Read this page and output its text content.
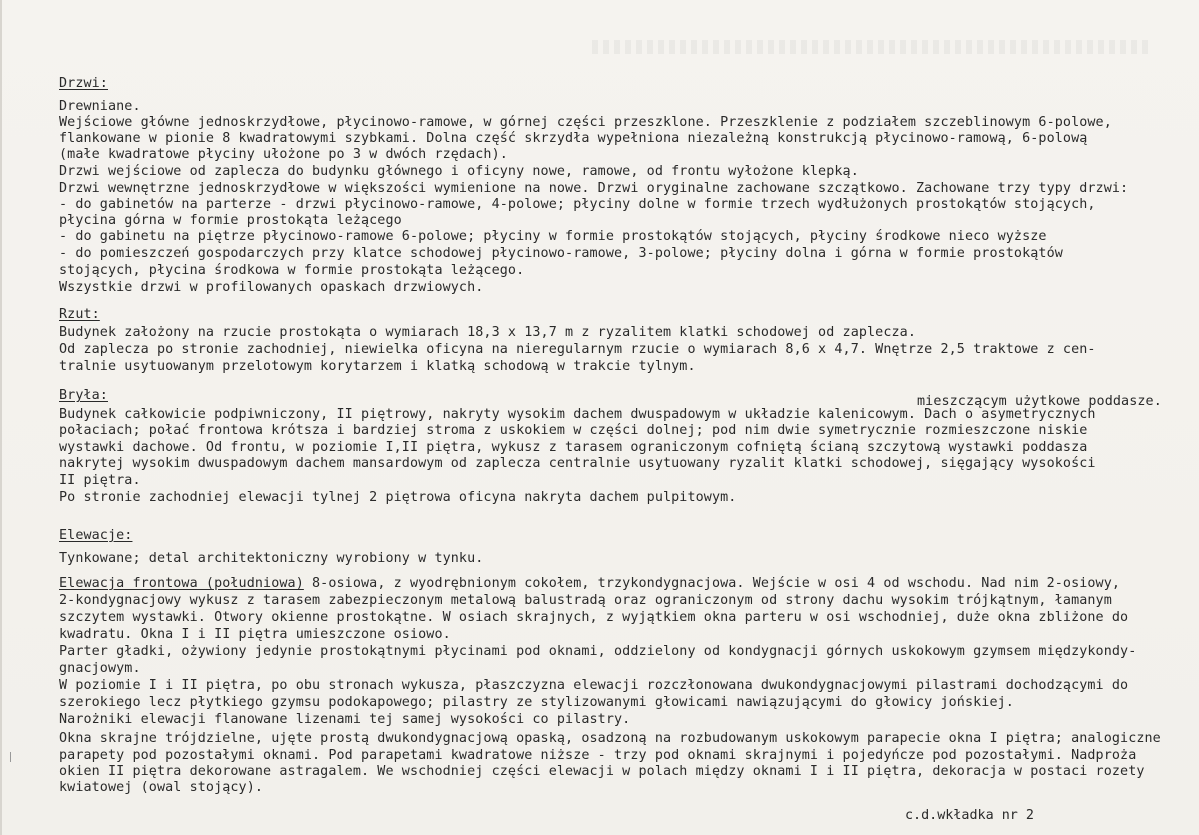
Drzwi:
Drewniane.
Wejściowe główne jednoskrzydłowe, płycinowo-ramowe, w górnej części przeszklone. Przeszklenie z podziałem szczeblinowym 6-polowe,
flankowane w pionie 8 kwadratowymi szybkami. Dolna część skrzydła wypełniona niezależną konstrukcją płycinowo-ramową, 6-polową
(małe kwadratowe płyciny ułożone po 3 w dwóch rzędach).
Drzwi wejściowe od zaplecza do budynku głównego i oficyny nowe, ramowe, od frontu wyłożone klepką.
Drzwi wewnętrzne jednoskrzydłowe w większości wymienione na nowe. Drzwi oryginalne zachowane szczątkowo. Zachowane trzy typy drzwi:
- do gabinetów na parterze - drzwi płycinowo-ramowe, 4-polowe; płyciny dolne w formie trzech wydłużonych prostokątów stojących,
płycina górna w formie prostokąta leżącego
- do gabinetu na piętrze płycinowo-ramowe 6-polowe; płyciny w formie prostokątów stojących, płyciny środkowe nieco wyższe
- do pomieszczeń gospodarczych przy klatce schodowej płycinowo-ramowe, 3-polowe; płyciny dolna i górna w formie prostokątów
stojących, płycina środkowa w formie prostokąta leżącego.
Wszystkie drzwi w profilowanych opaskach drzwiowych.
Rzut:
Budynek założony na rzucie prostokąta o wymiarach 18,3 x 13,7 m z ryzalitem klatki schodowej od zaplecza.
Od zaplecza po stronie zachodniej, niewielka oficyna na nieregularnym rzucie o wymiarach 8,6 x 4,7. Wnętrze 2,5 traktowe z cen-
tralnie usytuowanym przelotowym korytarzem i klatką schodową w trakcie tylnym.
Bryła:	mieszczącym użytkowe poddasze.
Budynek całkowicie podpiwniczony, II piętrowy, nakryty wysokim dachem dwuspadowym w układzie kalenicowym. Dach o asymetrycznych
połaciach; połać frontowa krótsza i bardziej stroma z uskokiem w części dolnej; pod nim dwie symetrycznie rozmieszczone niskie
wystawki dachowe. Od frontu, w poziomie I,II piętra, wykusz z tarasem ograniczonym cofniętą ścianą szczytową wystawki poddasza
nakrytej wysokim dwuspadowym dachem mansardowym od zaplecza centralnie usytuowany ryzalit klatki schodowej, sięgający wysokości
II piętra.
Po stronie zachodniej elewacji tylnej 2 piętrowa oficyna nakryta dachem pulpitowym.
Elewacje:
Tynkowane; detal architektoniczny wyrobiony w tynku.
Elewacja frontowa (południowa) 8-osiowa, z wyodrębnionym cokołem, trzykondygnacjowa. Wejście w osi 4 od wschodu. Nad nim 2-osiowy,
2-kondygnacjowy wykusz z tarasem zabezpieczonym metalową balustradą oraz ograniczonym od strony dachu wysokim trójkątnym, łamanym
szczytem wystawki. Otwory okienne prostokątne. W osiach skrajnych, z wyjątkiem okna parteru w osi wschodniej, duże okna zbliżone do
kwadratu. Okna I i II piętra umieszczone osiowo.
Parter gładki, ożywiony jedynie prostokątnymi płycinami pod oknami, oddzielony od kondygnacji górnych uskokowym gzymsem międzykondy-
gnacjowym.
W poziomie I i II piętra, po obu stronach wykusza, płaszczyzna elewacji rozczłonowana dwukondygnacjowymi pilastrami dochodzącymi do
szerokiego lecz płytkiego gzymsu podokapowego; pilastry ze stylizowanymi głowicami nawiązującymi do głowicy jońskiej.
Narożniki elewacji flanowane lizenami tej samej wysokości co pilastry.
Okna skrajne trójdzielne, ujęte prostą dwukondygnacjową opaską, osadzoną na rozbudowanym uskokowym parapecie okna I piętra; analogiczne
parapety pod pozostałymi oknami. Pod parapetami kwadratowe niższe - trzy pod oknami skrajnymi i pojedyńcze pod pozostałymi. Nadproża
okien II piętra dekorowane astragalem. We wschodniej części elewacji w polach między oknami I i II piętra, dekoracja w postaci rozety
kwiatowej (owal stojący).
c.d.wkładka nr 2
